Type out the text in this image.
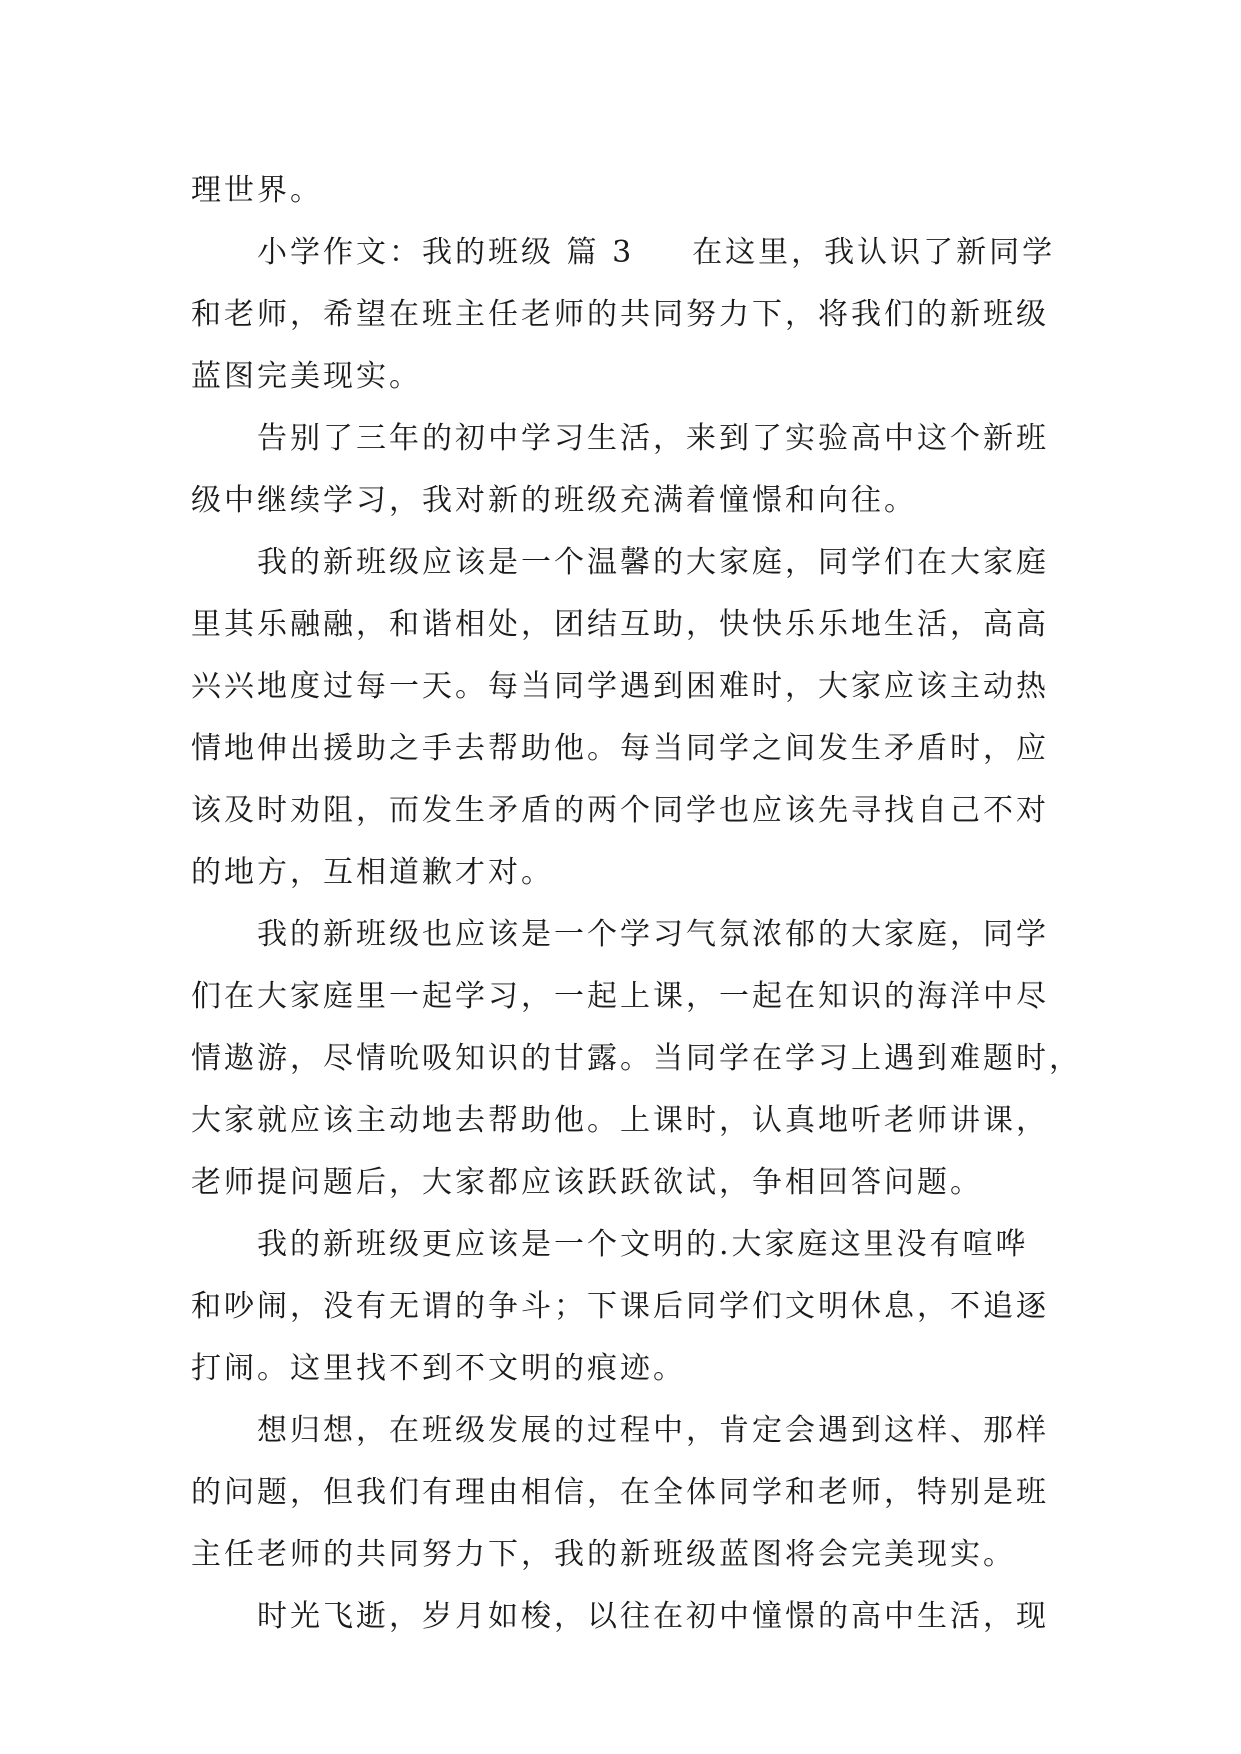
理世界。
小学作文：我的班级 篇 3 在这里，我认识了新同学
和老师，希望在班主任老师的共同努力下，将我们的新班级
蓝图完美现实。
告别了三年的初中学习生活，来到了实验高中这个新班
级中继续学习，我对新的班级充满着憧憬和向往。
我的新班级应该是一个温馨的大家庭，同学们在大家庭
里其乐融融，和谐相处，团结互助，快快乐乐地生活，高高
兴兴地度过每一天。每当同学遇到困难时，大家应该主动热
情地伸出援助之手去帮助他。每当同学之间发生矛盾时，应
该及时劝阻，而发生矛盾的两个同学也应该先寻找自己不对
的地方，互相道歉才对。
我的新班级也应该是一个学习气氛浓郁的大家庭，同学
们在大家庭里一起学习，一起上课，一起在知识的海洋中尽
情遨游，尽情吮吸知识的甘露。当同学在学习上遇到难题时，
大家就应该主动地去帮助他。上课时，认真地听老师讲课，
老师提问题后，大家都应该跃跃欲试，争相回答问题。
我的新班级更应该是一个文明的.大家庭这里没有喧哗
和吵闹，没有无谓的争斗；下课后同学们文明休息，不追逐
打闹。这里找不到不文明的痕迹。
想归想，在班级发展的过程中，肯定会遇到这样、那样
的问题，但我们有理由相信，在全体同学和老师，特别是班
主任老师的共同努力下，我的新班级蓝图将会完美现实。
时光飞逝，岁月如梭，以往在初中憧憬的高中生活，现
